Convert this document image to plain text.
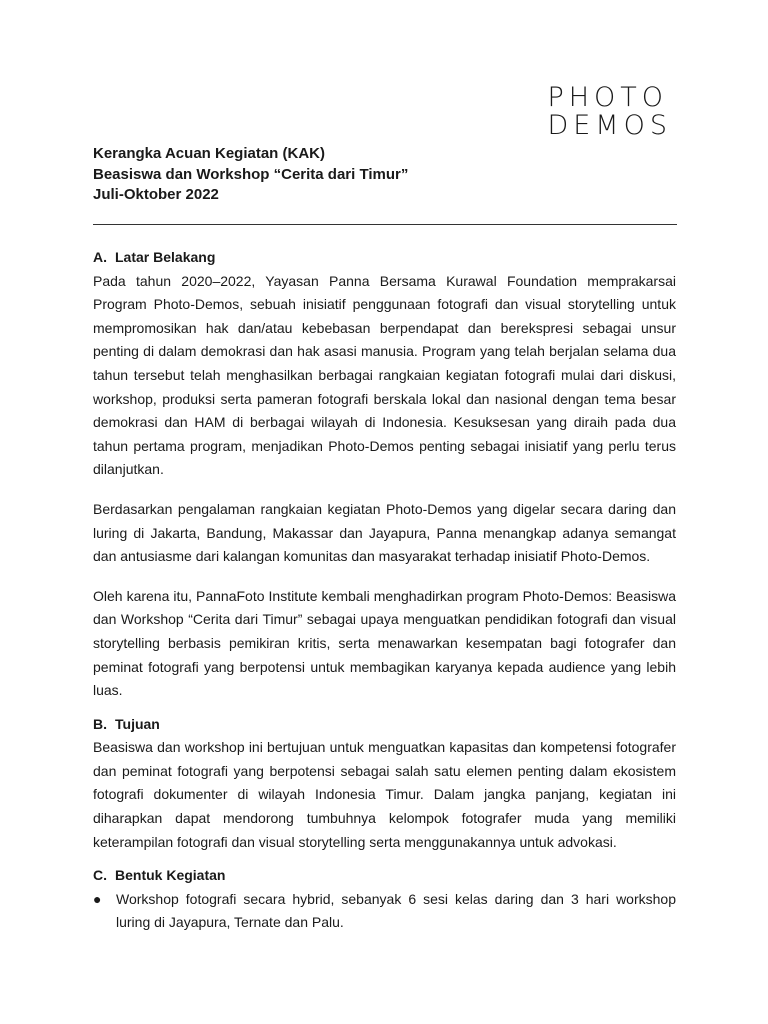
PHOTO
DEMOS
Kerangka Acuan Kegiatan (KAK)
Beasiswa dan Workshop “Cerita dari Timur”
Juli-Oktober 2022
A. Latar Belakang

Pada tahun 2020–2022, Yayasan Panna Bersama Kurawal Foundation memprakarsai Program Photo-Demos, sebuah inisiatif penggunaan fotografi dan visual storytelling untuk mempromosikan hak dan/atau kebebasan berpendapat dan berekspresi sebagai unsur penting di dalam demokrasi dan hak asasi manusia. Program yang telah berjalan selama dua tahun tersebut telah menghasilkan berbagai rangkaian kegiatan fotografi mulai dari diskusi, workshop, produksi serta pameran fotografi berskala lokal dan nasional dengan tema besar demokrasi dan HAM di berbagai wilayah di Indonesia. Kesuksesan yang diraih pada dua tahun pertama program, menjadikan Photo-Demos penting sebagai inisiatif yang perlu terus dilanjutkan.

Berdasarkan pengalaman rangkaian kegiatan Photo-Demos yang digelar secara daring dan luring di Jakarta, Bandung, Makassar dan Jayapura, Panna menangkap adanya semangat dan antusiasme dari kalangan komunitas dan masyarakat terhadap inisiatif Photo-Demos.

Oleh karena itu, PannaFoto Institute kembali menghadirkan program Photo-Demos: Beasiswa dan Workshop “Cerita dari Timur” sebagai upaya menguatkan pendidikan fotografi dan visual storytelling berbasis pemikiran kritis, serta menawarkan kesempatan bagi fotografer dan peminat fotografi yang berpotensi untuk membagikan karyanya kepada audience yang lebih luas.

B. Tujuan

Beasiswa dan workshop ini bertujuan untuk menguatkan kapasitas dan kompetensi fotografer dan peminat fotografi yang berpotensi sebagai salah satu elemen penting dalam ekosistem fotografi dokumenter di wilayah Indonesia Timur. Dalam jangka panjang, kegiatan ini diharapkan dapat mendorong tumbuhnya kelompok fotografer muda yang memiliki keterampilan fotografi dan visual storytelling serta menggunakannya untuk advokasi.

C. Bentuk Kegiatan
● Workshop fotografi secara hybrid, sebanyak 6 sesi kelas daring dan 3 hari workshop luring di Jayapura, Ternate dan Palu.
